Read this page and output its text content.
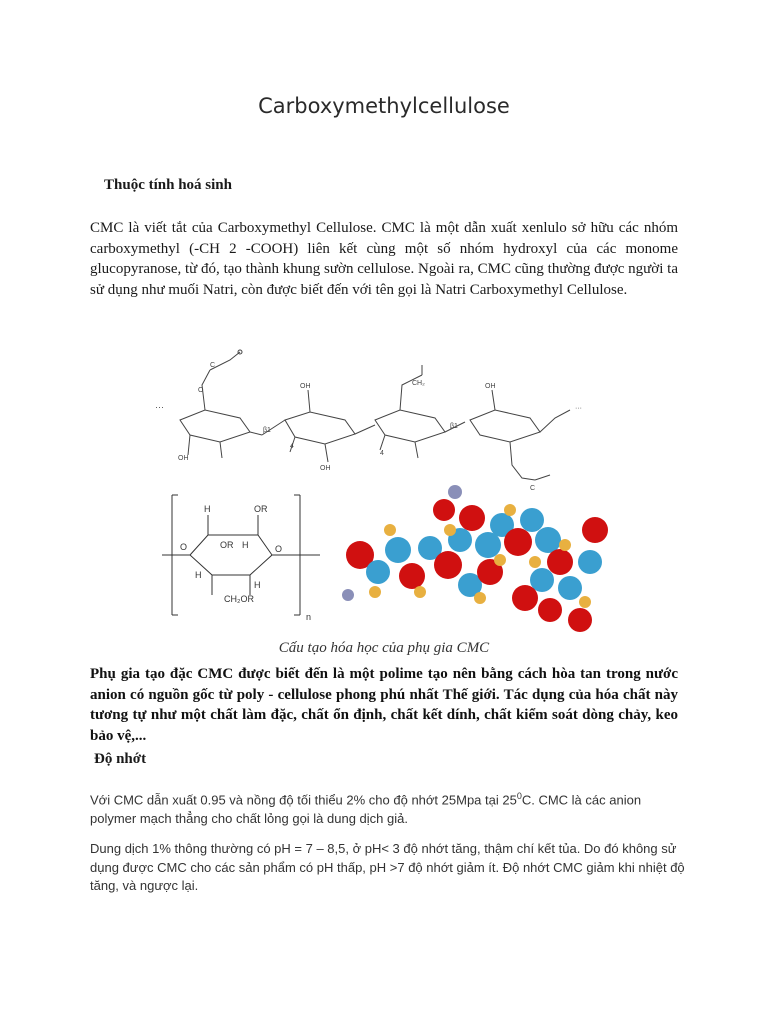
Carboxymethylcellulose
Thuộc tính hoá sinh
CMC là viết tắt của Carboxymethyl Cellulose. CMC là một dẫn xuất xenlulo sở hữu các nhóm carboxymethyl (-CH 2 -COOH) liên kết cùng một số nhóm hydroxyl của các monome glucopyranose, từ đó, tạo thành khung sườn cellulose. Ngoài ra, CMC cũng thường được người ta sử dụng như muối Natri, còn được biết đến với tên gọi là Natri Carboxymethyl Cellulose.
···
C
O
OH
β1
OH
OH
4
CH₂
4
β1
OH
C
···
H	OR
OR H
O	O
H
H
CH₂OR
n
Cấu tạo hóa học của phụ gia CMC
Phụ gia tạo đặc CMC được biết đến là một polime tạo nên bằng cách hòa tan trong nước anion có nguồn gốc từ poly - cellulose phong phú nhất Thế giới. Tác dụng của hóa chất này tương tự như một chất làm đặc, chất ổn định, chất kết dính, chất kiểm soát dòng chảy, keo bảo vệ,...
Độ nhớt
Với CMC dẫn xuất 0.95 và nồng độ tối thiểu 2% cho độ nhớt 25Mpa tại $25^0C$. CMC là các anion polymer mạch thẳng cho chất lỏng gọi là dung dịch giả.
Dung dịch 1% thông thường có pH = 7 – 8,5, ở pH< 3 độ nhớt tăng, thậm chí kết tủa. Do đó không sử dụng được CMC cho các sản phẩm có pH thấp, pH >7 độ nhớt giảm ít. Độ nhớt CMC giảm khi nhiệt độ tăng, và ngược lại.
